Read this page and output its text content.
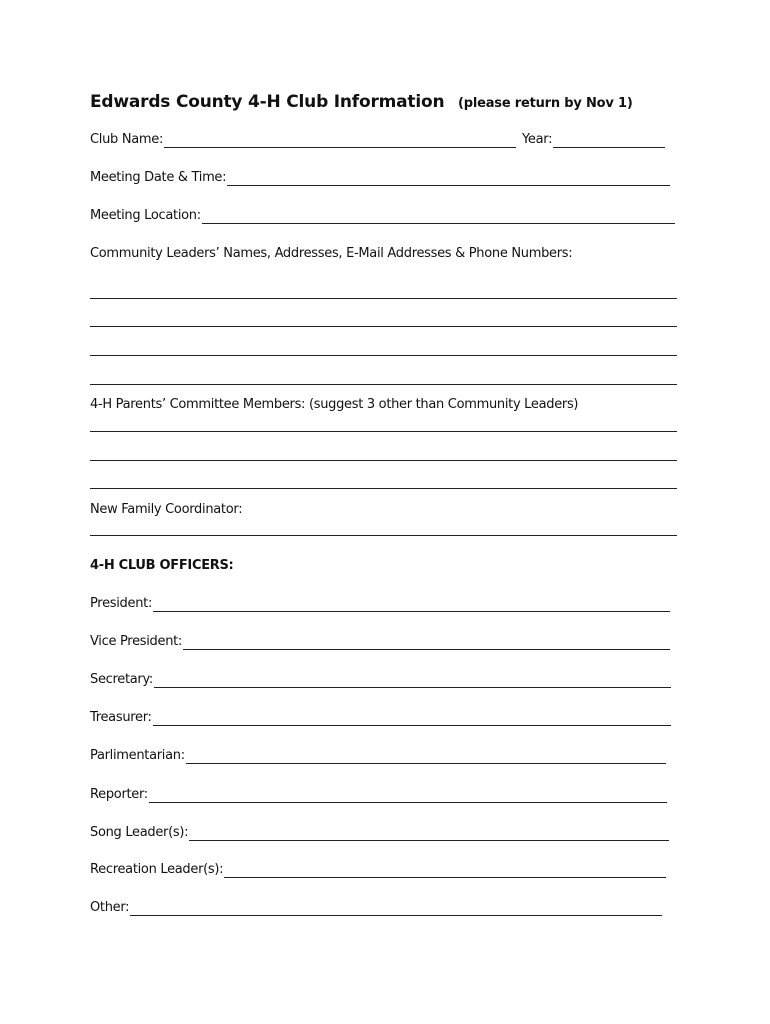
Edwards County 4-H Club Information (please return by Nov 1)
Club Name:	Year:
Meeting Date & Time:
Meeting Location:
Community Leaders’ Names, Addresses, E-Mail Addresses & Phone Numbers:
4-H Parents’ Committee Members: (suggest 3 other than Community Leaders)
New Family Coordinator:
4-H CLUB OFFICERS:
President:
Vice President:
Secretary:
Treasurer:
Parlimentarian:
Reporter:
Song Leader(s):
Recreation Leader(s):
Other:
